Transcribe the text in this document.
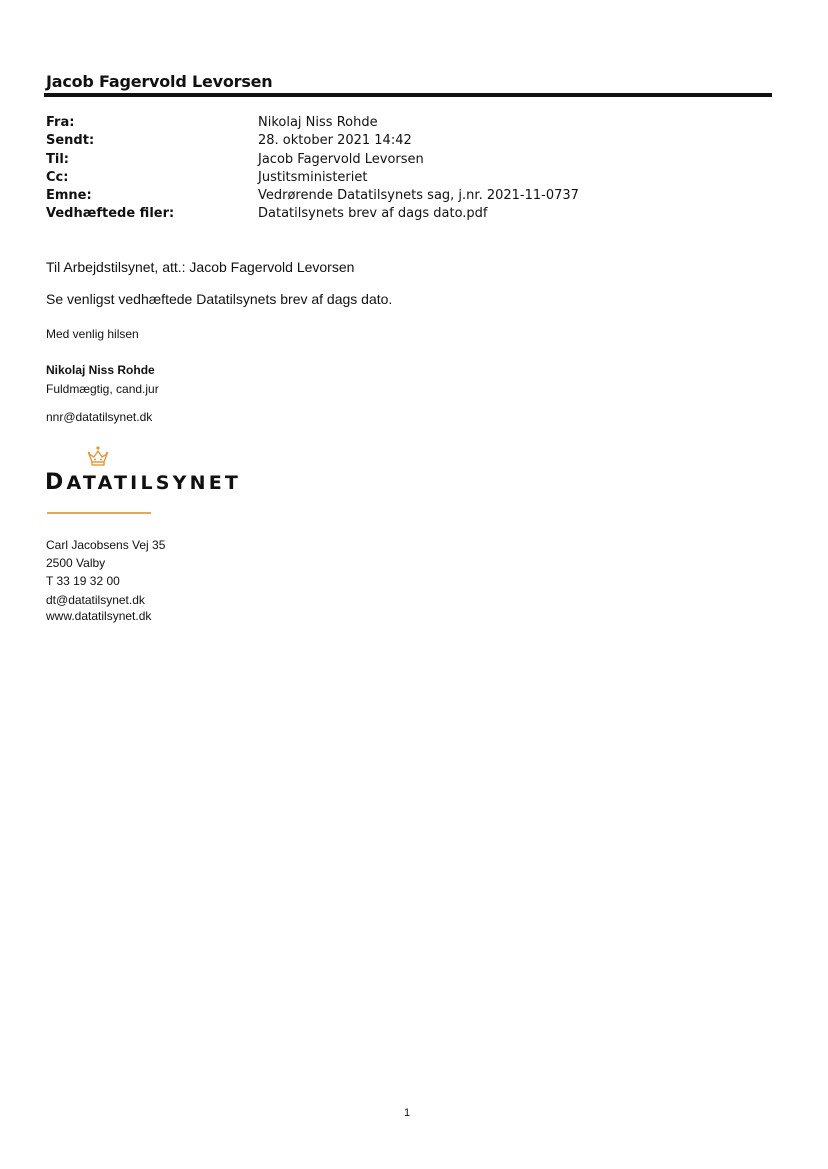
Jacob Fagervold Levorsen
Fra:	Nikolaj Niss Rohde
Sendt:	28. oktober 2021 14:42
Til:	Jacob Fagervold Levorsen
Cc:	Justitsministeriet
Emne:	Vedrørende Datatilsynets sag, j.nr. 2021-11-0737
Vedhæftede filer:	Datatilsynets brev af dags dato.pdf
Til Arbejdstilsynet, att.: Jacob Fagervold Levorsen
Se venligst vedhæftede Datatilsynets brev af dags dato.
Med venlig hilsen
Nikolaj Niss Rohde
Fuldmægtig, cand.jur
nnr@datatilsynet.dk
DATATILSYNET
Carl Jacobsens Vej 35
2500 Valby
T 33 19 32 00
dt@datatilsynet.dk
www.datatilsynet.dk
1
